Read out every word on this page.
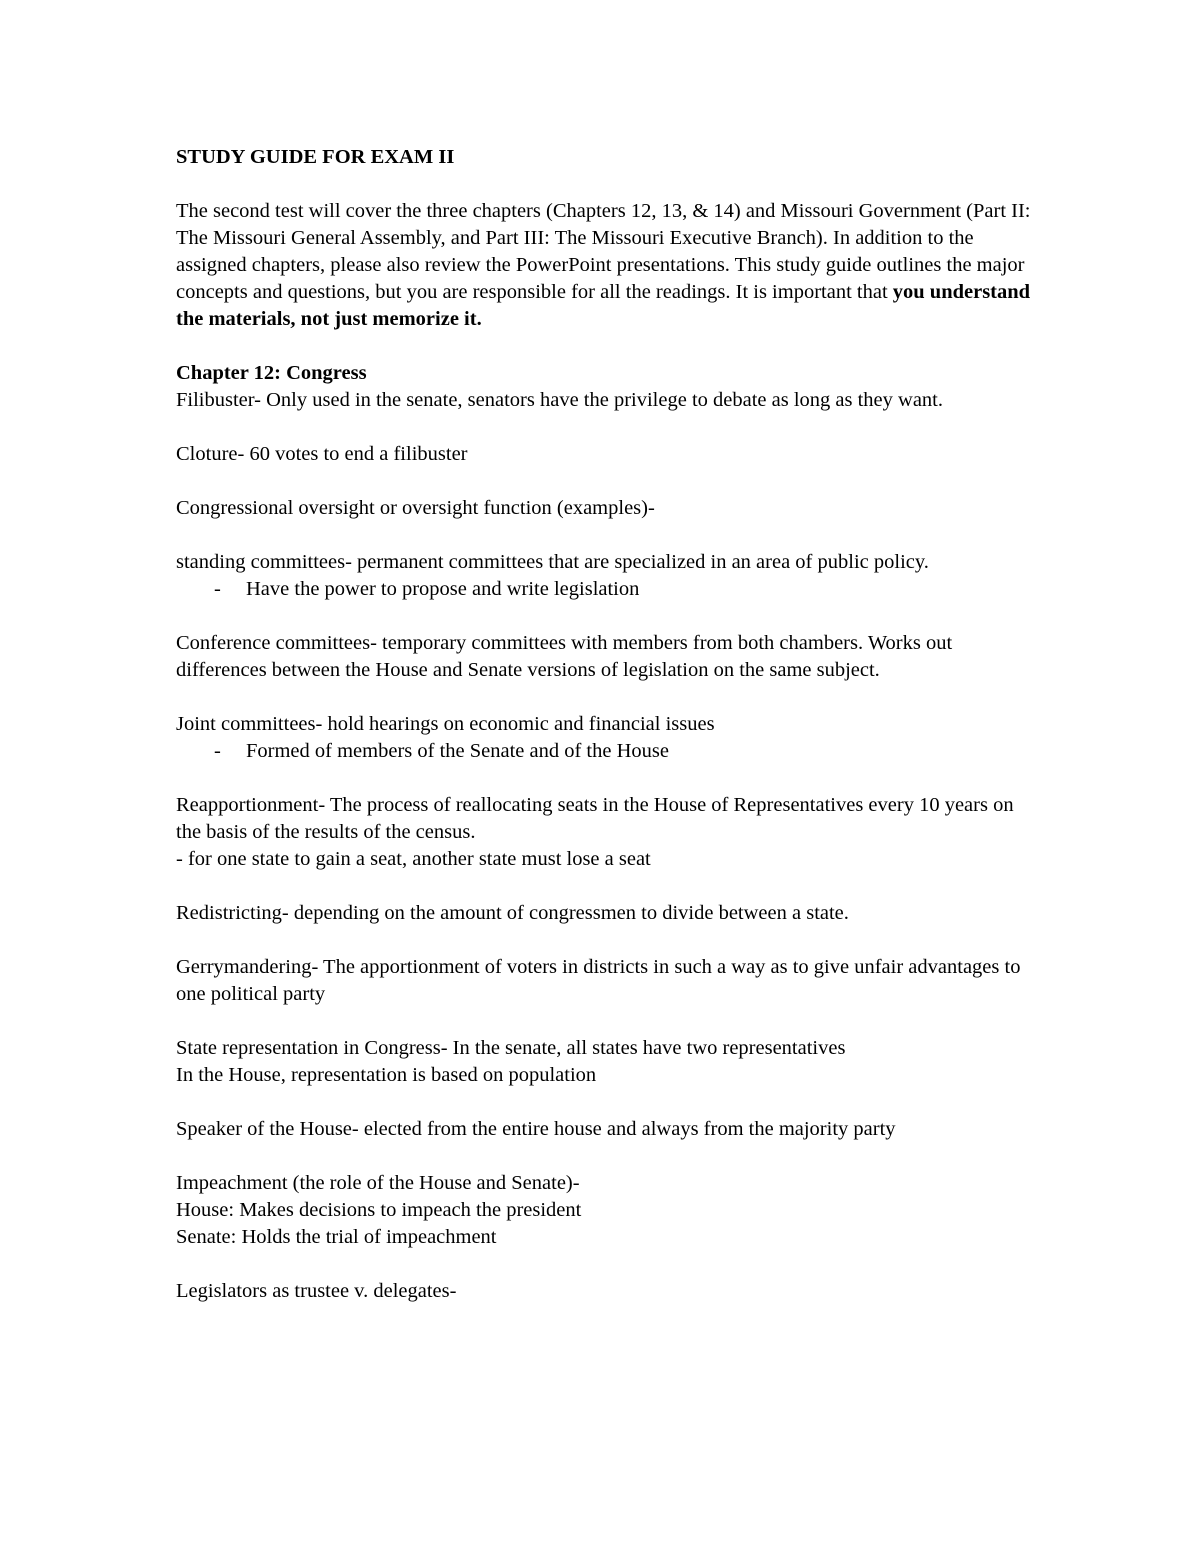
STUDY GUIDE FOR EXAM II

The second test will cover the three chapters (Chapters 12, 13, & 14) and Missouri Government (Part II: The Missouri General Assembly, and Part III: The Missouri Executive Branch). In addition to the assigned chapters, please also review the PowerPoint presentations. This study guide outlines the major concepts and questions, but you are responsible for all the readings. It is important that you understand the materials, not just memorize it.

Chapter 12: Congress

Filibuster- Only used in the senate, senators have the privilege to debate as long as they want.

Cloture- 60 votes to end a filibuster

Congressional oversight or oversight function (examples)-

standing committees- permanent committees that are specialized in an area of public policy.
- Have the power to propose and write legislation

Conference committees- temporary committees with members from both chambers. Works out differences between the House and Senate versions of legislation on the same subject.

Joint committees- hold hearings on economic and financial issues
- Formed of members of the Senate and of the House
Reapportionment- The process of reallocating seats in the House of Representatives every 10 years on the basis of the results of the census.
- for one state to gain a seat, another state must lose a seat

Redistricting- depending on the amount of congressmen to divide between a state.

Gerrymandering- The apportionment of voters in districts in such a way as to give unfair advantages to one political party

State representation in Congress- In the senate, all states have two representatives
In the House, representation is based on population

Speaker of the House- elected from the entire house and always from the majority party

Impeachment (the role of the House and Senate)-
House: Makes decisions to impeach the president
Senate: Holds the trial of impeachment

Legislators as trustee v. delegates-
